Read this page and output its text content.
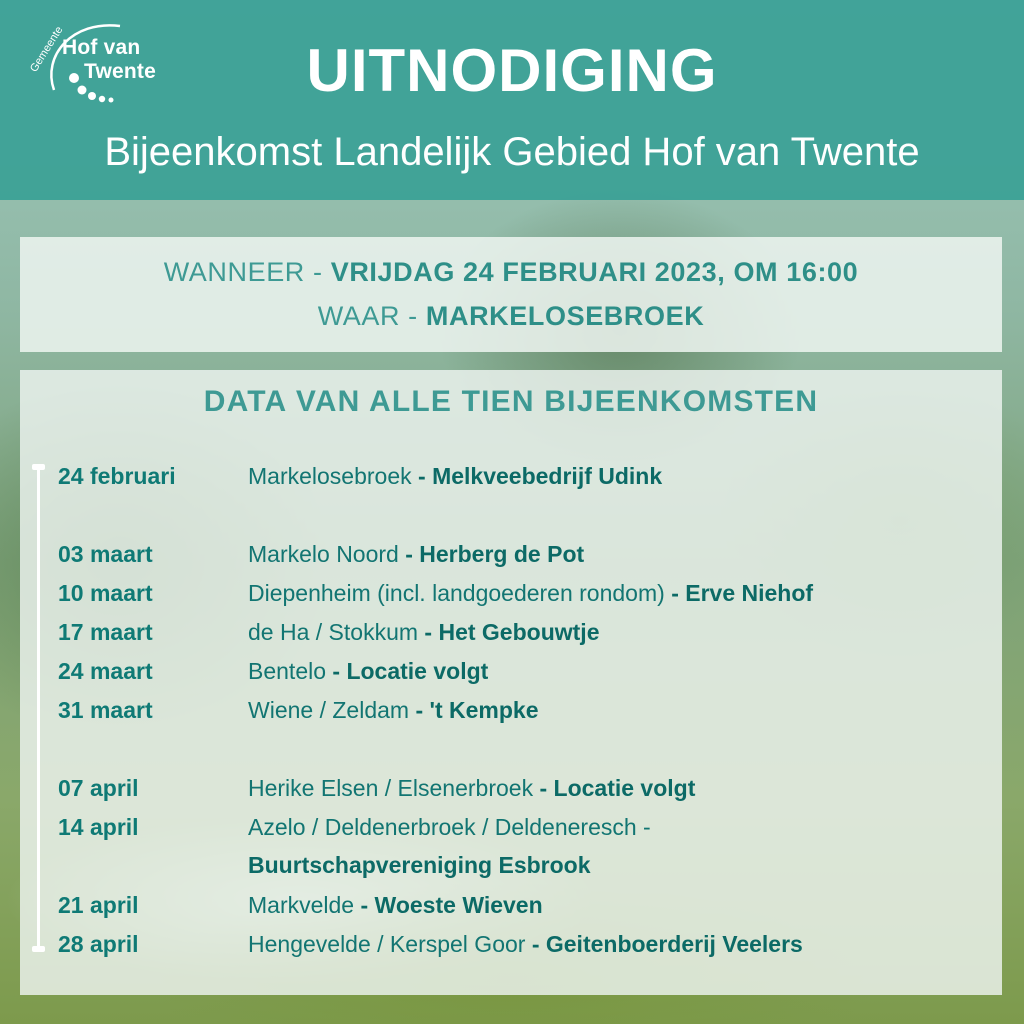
Gemeente
Hof van
Twente	UITNODIGING
Bijeenkomst Landelijk Gebied Hof van Twente
WANNEER - VRIJDAG 24 FEBRUARI 2023, OM 16:00
WAAR - MARKELOSEBROEK
DATA VAN ALLE TIEN BIJEENKOMSTEN
24 februari	Markelosebroek - Melkveebedrijf Udink
03 maart	Markelo Noord - Herberg de Pot
10 maart	Diepenheim (incl. landgoederen rondom) - Erve Niehof
17 maart	de Ha / Stokkum - Het Gebouwtje
24 maart	Bentelo - Locatie volgt
31 maart	Wiene / Zeldam - 't Kempke
07 april	Herike Elsen / Elsenerbroek - Locatie volgt
14 april	Azelo / Deldenerbroek / Deldeneresch -
Buurtschapvereniging Esbrook
21 april	Markvelde - Woeste Wieven
28 april	Hengevelde / Kerspel Goor - Geitenboerderij Veelers
